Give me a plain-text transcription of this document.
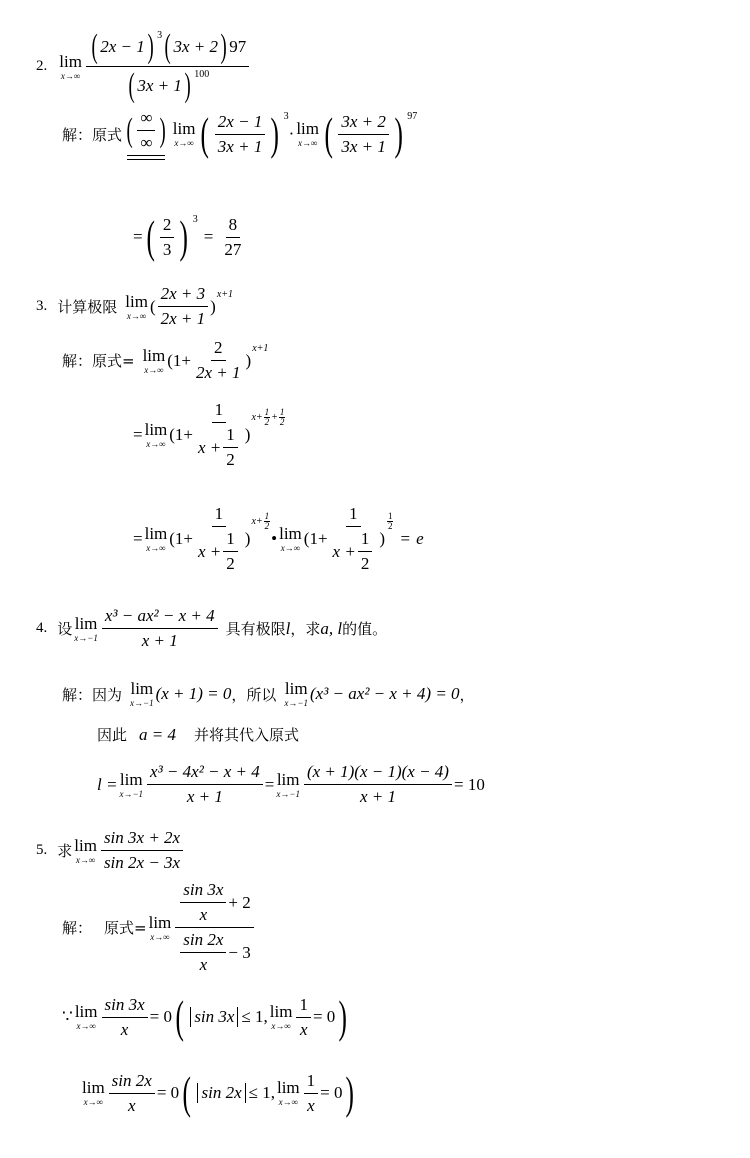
2. lim
$x\to\infty \frac{( 2x - 1 ) 3 ( 3x + 2 ) 97}{( 3x + 1 ) 100}$
解：原式 ( $\frac{\infty}{\infty}$ ) lim
x→∞ ( $\frac{2x - 1}{3x + 1}$ ) 3
· lim
x→∞ ( $\frac{3x + 2}{3x + 1}$ ) 97
= ( $\frac{2}{3}$ ) 3
= $\frac{8}{27}$
3. 计算极限 lim
x→∞ ( $\frac{2x + 3}{2x + 1}$ )
x+1
解：原式= lim
x→∞ ($1+ \frac{2}{2x + 1}$ )
x+1
= lim
x→∞ ($1+ \frac{1}{x + \frac{1}{2}}$ )
$x+ \frac{1}{2} + \frac{1}{2}$
= lim
x→∞ ($1+ \frac{1}{x + \frac{1}{2}}$ )
$x+ \frac{1}{2}$
• lim
x→∞ ($1+ \frac{1}{x + \frac{1}{2}}$ )
$\frac{1}{2}$
= e
4. 设 lim
$x\to-1 \frac{\text{x³ − ax² − x + 4}}{x + 1}$ 具有极限 l ，求 a, l 的值。
解：因为 lim
x→−1 (x + 1) = 0 ，所以 lim
x→−1 (x³ − ax² − x + 4) = 0 ，
因此 a = 4 并将其代入原式
l = lim
$x\to-1 \frac{\text{x³ − 4x² − x + 4}}{x + 1} = \lim$
$x\to-1 \frac{(x + 1)(x - 1)(x - 4)}{x + 1} = 10$
5. 求 lim
$x\to\infty \frac{\sin 3x + 2x}{\sin 2x - 3x}$
解： 原式= lim
$x\to\infty \frac{\frac{\sin 3x}{x} + 2}{\frac{\sin 2x}{x} - 3}$
∵ lim
$x\to\infty \frac{\sin 3x}{x} = 0$ ( sin 3x ≤ 1, lim
$x\to\infty \frac{1}{x} = 0$ )
lim
$x\to\infty \frac{\sin 2x}{x} = 0$ ( sin 2x ≤ 1, lim
$x\to\infty \frac{1}{x} = 0$ )
